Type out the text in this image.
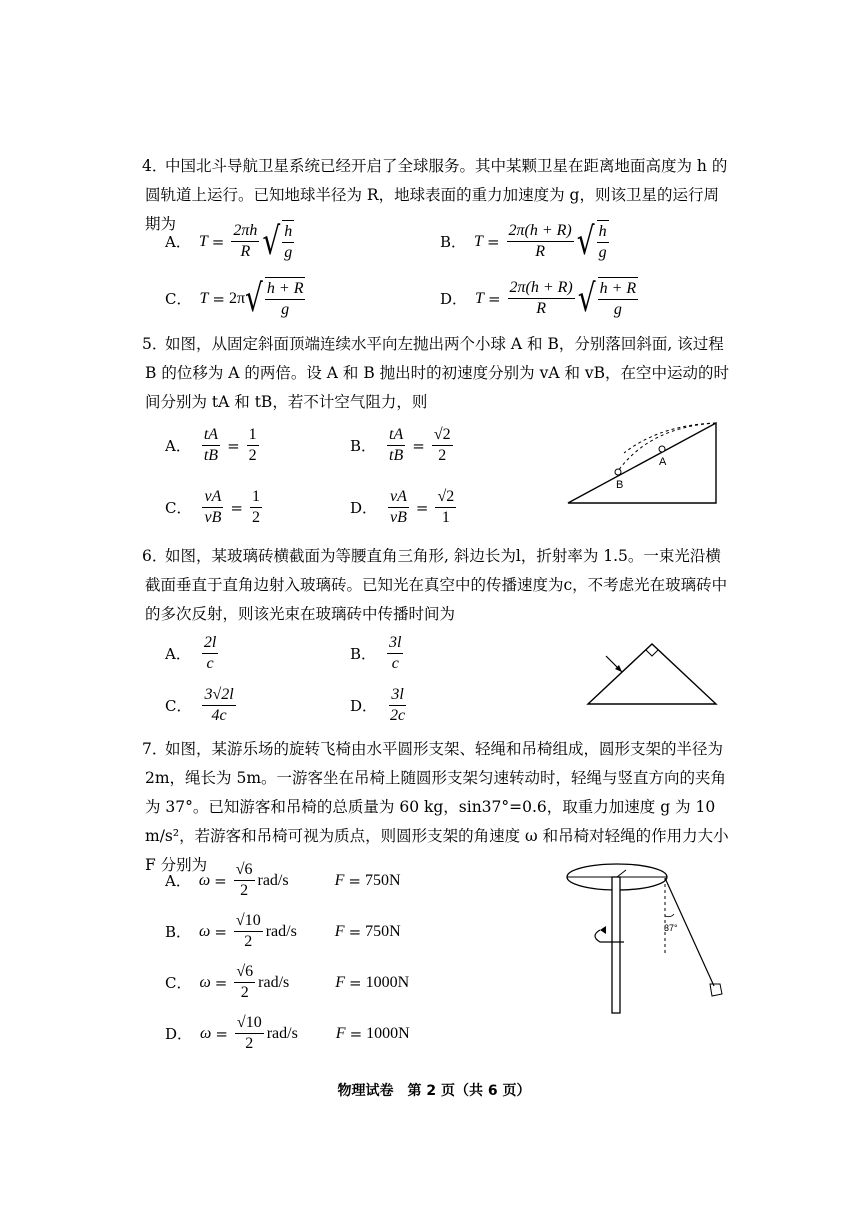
4．
中国北斗导航卫星系统已经开启了全球服务。其中某颗卫星在距离地面高度为 h 的圆轨道上运行。已知地球半径为 R，地球表面的重力加速度为 g，则该卫星的运行周期为
A． $T = \frac{2\pi h}{R}$ √ $\frac{h}{g}$	B． $T = \frac{2\pi(h + R)}{R}$ √ $\frac{h}{g}$
C． T = 2π √ $\frac{h + R}{g}$	D． $T = \frac{2\pi(h + R)}{R}$ √ $\frac{h + R}{g}$
5．
如图，从固定斜面顶端连续水平向左抛出两个小球 A 和 B，分别落回斜面, 该过程 B 的位移为 A 的两倍。设 A 和 B 抛出时的初速度分别为 vA 和 vB，在空中运动的时间分别为 tA 和 tB，若不计空气阻力，则
A． $\frac{tA}{tB} = \frac{1}{2}$	B． $\frac{tA}{tB} = \frac{√2}{2}$
C． $\frac{vA}{vB} = \frac{1}{2}$	D． $\frac{vA}{vB} = \frac{√2}{1}$
A
B
6．
如图，某玻璃砖横截面为等腰直角三角形, 斜边长为l，折射率为 1.5。一束光沿横截面垂直于直角边射入玻璃砖。已知光在真空中的传播速度为c，不考虑光在玻璃砖中的多次反射，则该光束在玻璃砖中传播时间为
A． $\frac{2l}{c}$	B． $\frac{3l}{c}$
C． $\frac{3√2l}{4c}$	D． $\frac{3l}{2c}$
7．
如图，某游乐场的旋转飞椅由水平圆形支架、轻绳和吊椅组成，圆形支架的半径为 2m，绳长为 5m。一游客坐在吊椅上随圆形支架匀速转动时，轻绳与竖直方向的夹角为 37°。已知游客和吊椅的总质量为 60 kg，sin37°=0.6，取重力加速度 g 为 10 m/s²，若游客和吊椅可视为质点，则圆形支架的角速度 ω 和吊椅对轻绳的作用力大小 F 分别为
A． $\omega = \frac{√6}{2} rad/s$	F = 750N
B． $\omega = \frac{√10}{2} rad/s$ F = 750N
C． $\omega = \frac{√6}{2} rad/s$	F = 1000N
D． $\omega = \frac{√10}{2} rad/s$ F = 1000N
37°
物理试卷　第 2 页（共 6 页）
